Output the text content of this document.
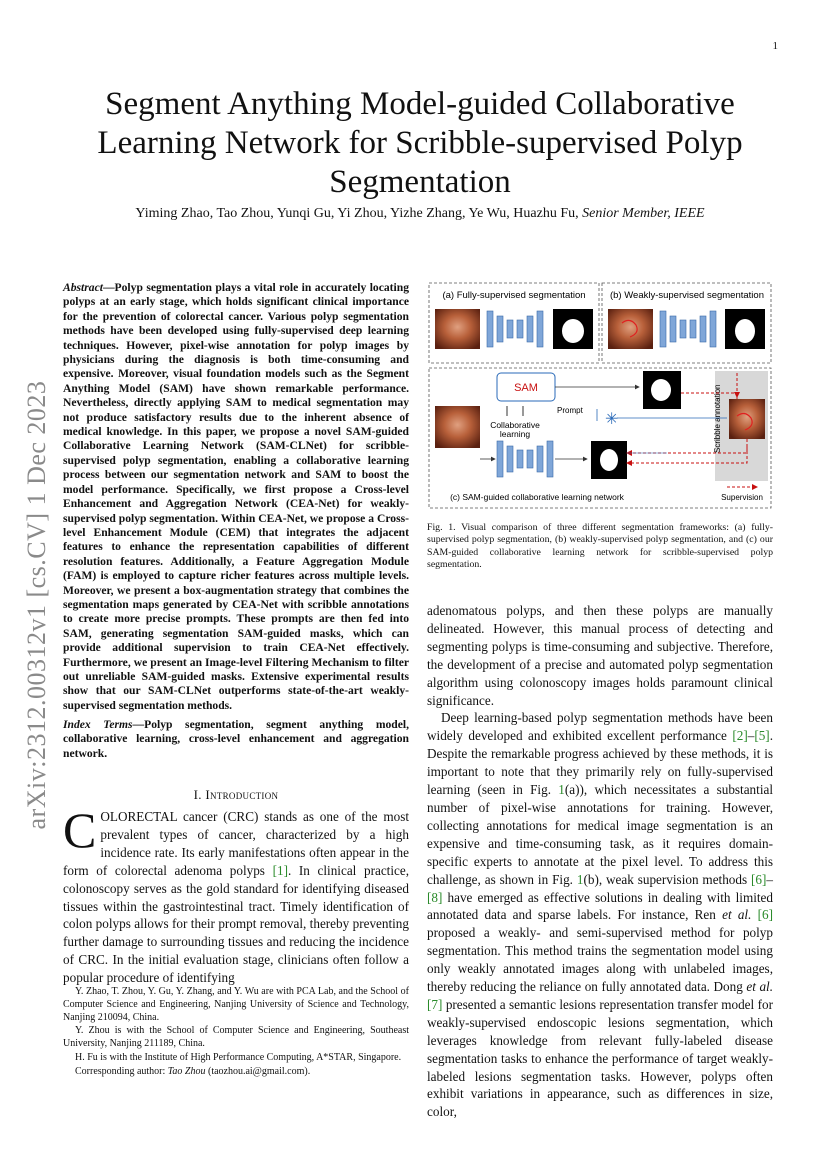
1
arXiv:2312.00312v1 [cs.CV] 1 Dec 2023
Segment Anything Model-guided Collaborative Learning Network for Scribble-supervised Polyp Segmentation
Yiming Zhao, Tao Zhou, Yunqi Gu, Yi Zhou, Yizhe Zhang, Ye Wu, Huazhu Fu, Senior Member, IEEE
Abstract—Polyp segmentation plays a vital role in accurately locating polyps at an early stage, which holds significant clinical importance for the prevention of colorectal cancer. Various polyp segmentation methods have been developed using fully-supervised deep learning techniques. However, pixel-wise annotation for polyp images by physicians during the diagnosis is both time-consuming and expensive. Moreover, visual foundation models such as the Segment Anything Model (SAM) have shown remarkable performance. Nevertheless, directly applying SAM to medical segmentation may not produce satisfactory results due to the inherent absence of medical knowledge. In this paper, we propose a novel SAM-guided Collaborative Learning Network (SAM-CLNet) for scribble-supervised polyp segmentation, enabling a collaborative learning process between our segmentation network and SAM to boost the model performance. Specifically, we first propose a Cross-level Enhancement and Aggregation Network (CEA-Net) for weakly-supervised polyp segmentation. Within CEA-Net, we propose a Cross-level Enhancement Module (CEM) that integrates the adjacent features to enhance the representation capabilities of different resolution features. Additionally, a Feature Aggregation Module (FAM) is employed to capture richer features across multiple levels. Moreover, we present a box-augmentation strategy that combines the segmentation maps generated by CEA-Net with scribble annotations to create more precise prompts. These prompts are then fed into SAM, generating segmentation SAM-guided masks, which can provide additional supervision to train CEA-Net effectively. Furthermore, we present an Image-level Filtering Mechanism to filter out unreliable SAM-guided masks. Extensive experimental results show that our SAM-CLNet outperforms state-of-the-art weakly-supervised segmentation methods.
Index Terms—Polyp segmentation, segment anything model, collaborative learning, cross-level enhancement and aggregation network.
I. Introduction
COLORECTAL cancer (CRC) stands as one of the most prevalent types of cancer, characterized by a high incidence rate. Its early manifestations often appear in the form of colorectal adenoma polyps [1]. In clinical practice, colonoscopy serves as the gold standard for identifying diseased tissues within the gastrointestinal tract. Timely identification of colon polyps allows for their prompt removal, thereby preventing further damage to surrounding tissues and reducing the incidence of CRC. In the initial evaluation stage, clinicians often follow a popular procedure of identifying

Y. Zhao, T. Zhou, Y. Gu, Y. Zhang, and Y. Wu are with PCA Lab, and the School of Computer Science and Engineering, Nanjing University of Science and Technology, Nanjing 210094, China.

Y. Zhou is with the School of Computer Science and Engineering, Southeast University, Nanjing 211189, China.

H. Fu is with the Institute of High Performance Computing, A*STAR, Singapore.

Corresponding author: Tao Zhou (taozhou.ai@gmail.com).

(a) Fully-supervised segmentation	(b) Weakly-supervised segmentation
Scribble annotation
SAM
Prompt ✳
Collaborative
learning
(c) SAM-guided collaborative learning network	Supervision
Fig. 1. Visual comparison of three different segmentation frameworks: (a) fully-supervised polyp segmentation, (b) weakly-supervised polyp segmentation, and (c) our SAM-guided collaborative learning network for scribble-supervised polyp segmentation.

adenomatous polyps, and then these polyps are manually delineated. However, this manual process of detecting and segmenting polyps is time-consuming and subjective. Therefore, the development of a precise and automated polyp segmentation algorithm using colonoscopy images holds paramount clinical significance.

Deep learning-based polyp segmentation methods have been widely developed and exhibited excellent performance [2]–[5]. Despite the remarkable progress achieved by these methods, it is important to note that they primarily rely on fully-supervised learning (seen in Fig. 1(a)), which necessitates a substantial number of pixel-wise annotations for training. However, collecting annotations for medical image segmentation is an expensive and time-consuming task, as it requires domain-specific experts to annotate at the pixel level. To address this challenge, as shown in Fig. 1(b), weak supervision methods [6]–[8] have emerged as effective solutions in dealing with limited annotated data and sparse labels. For instance, Ren et al. [6] proposed a weakly- and semi-supervised method for polyp segmentation. This method trains the segmentation model using only weakly annotated images along with unlabeled images, thereby reducing the reliance on fully annotated data. Dong et al. [7] presented a semantic lesions representation transfer model for weakly-supervised endoscopic lesions segmentation, which leverages knowledge from relevant fully-labeled disease segmentation tasks to enhance the performance of target weakly-labeled lesions segmentation tasks. However, polyps often exhibit variations in appearance, such as differences in size, color,
